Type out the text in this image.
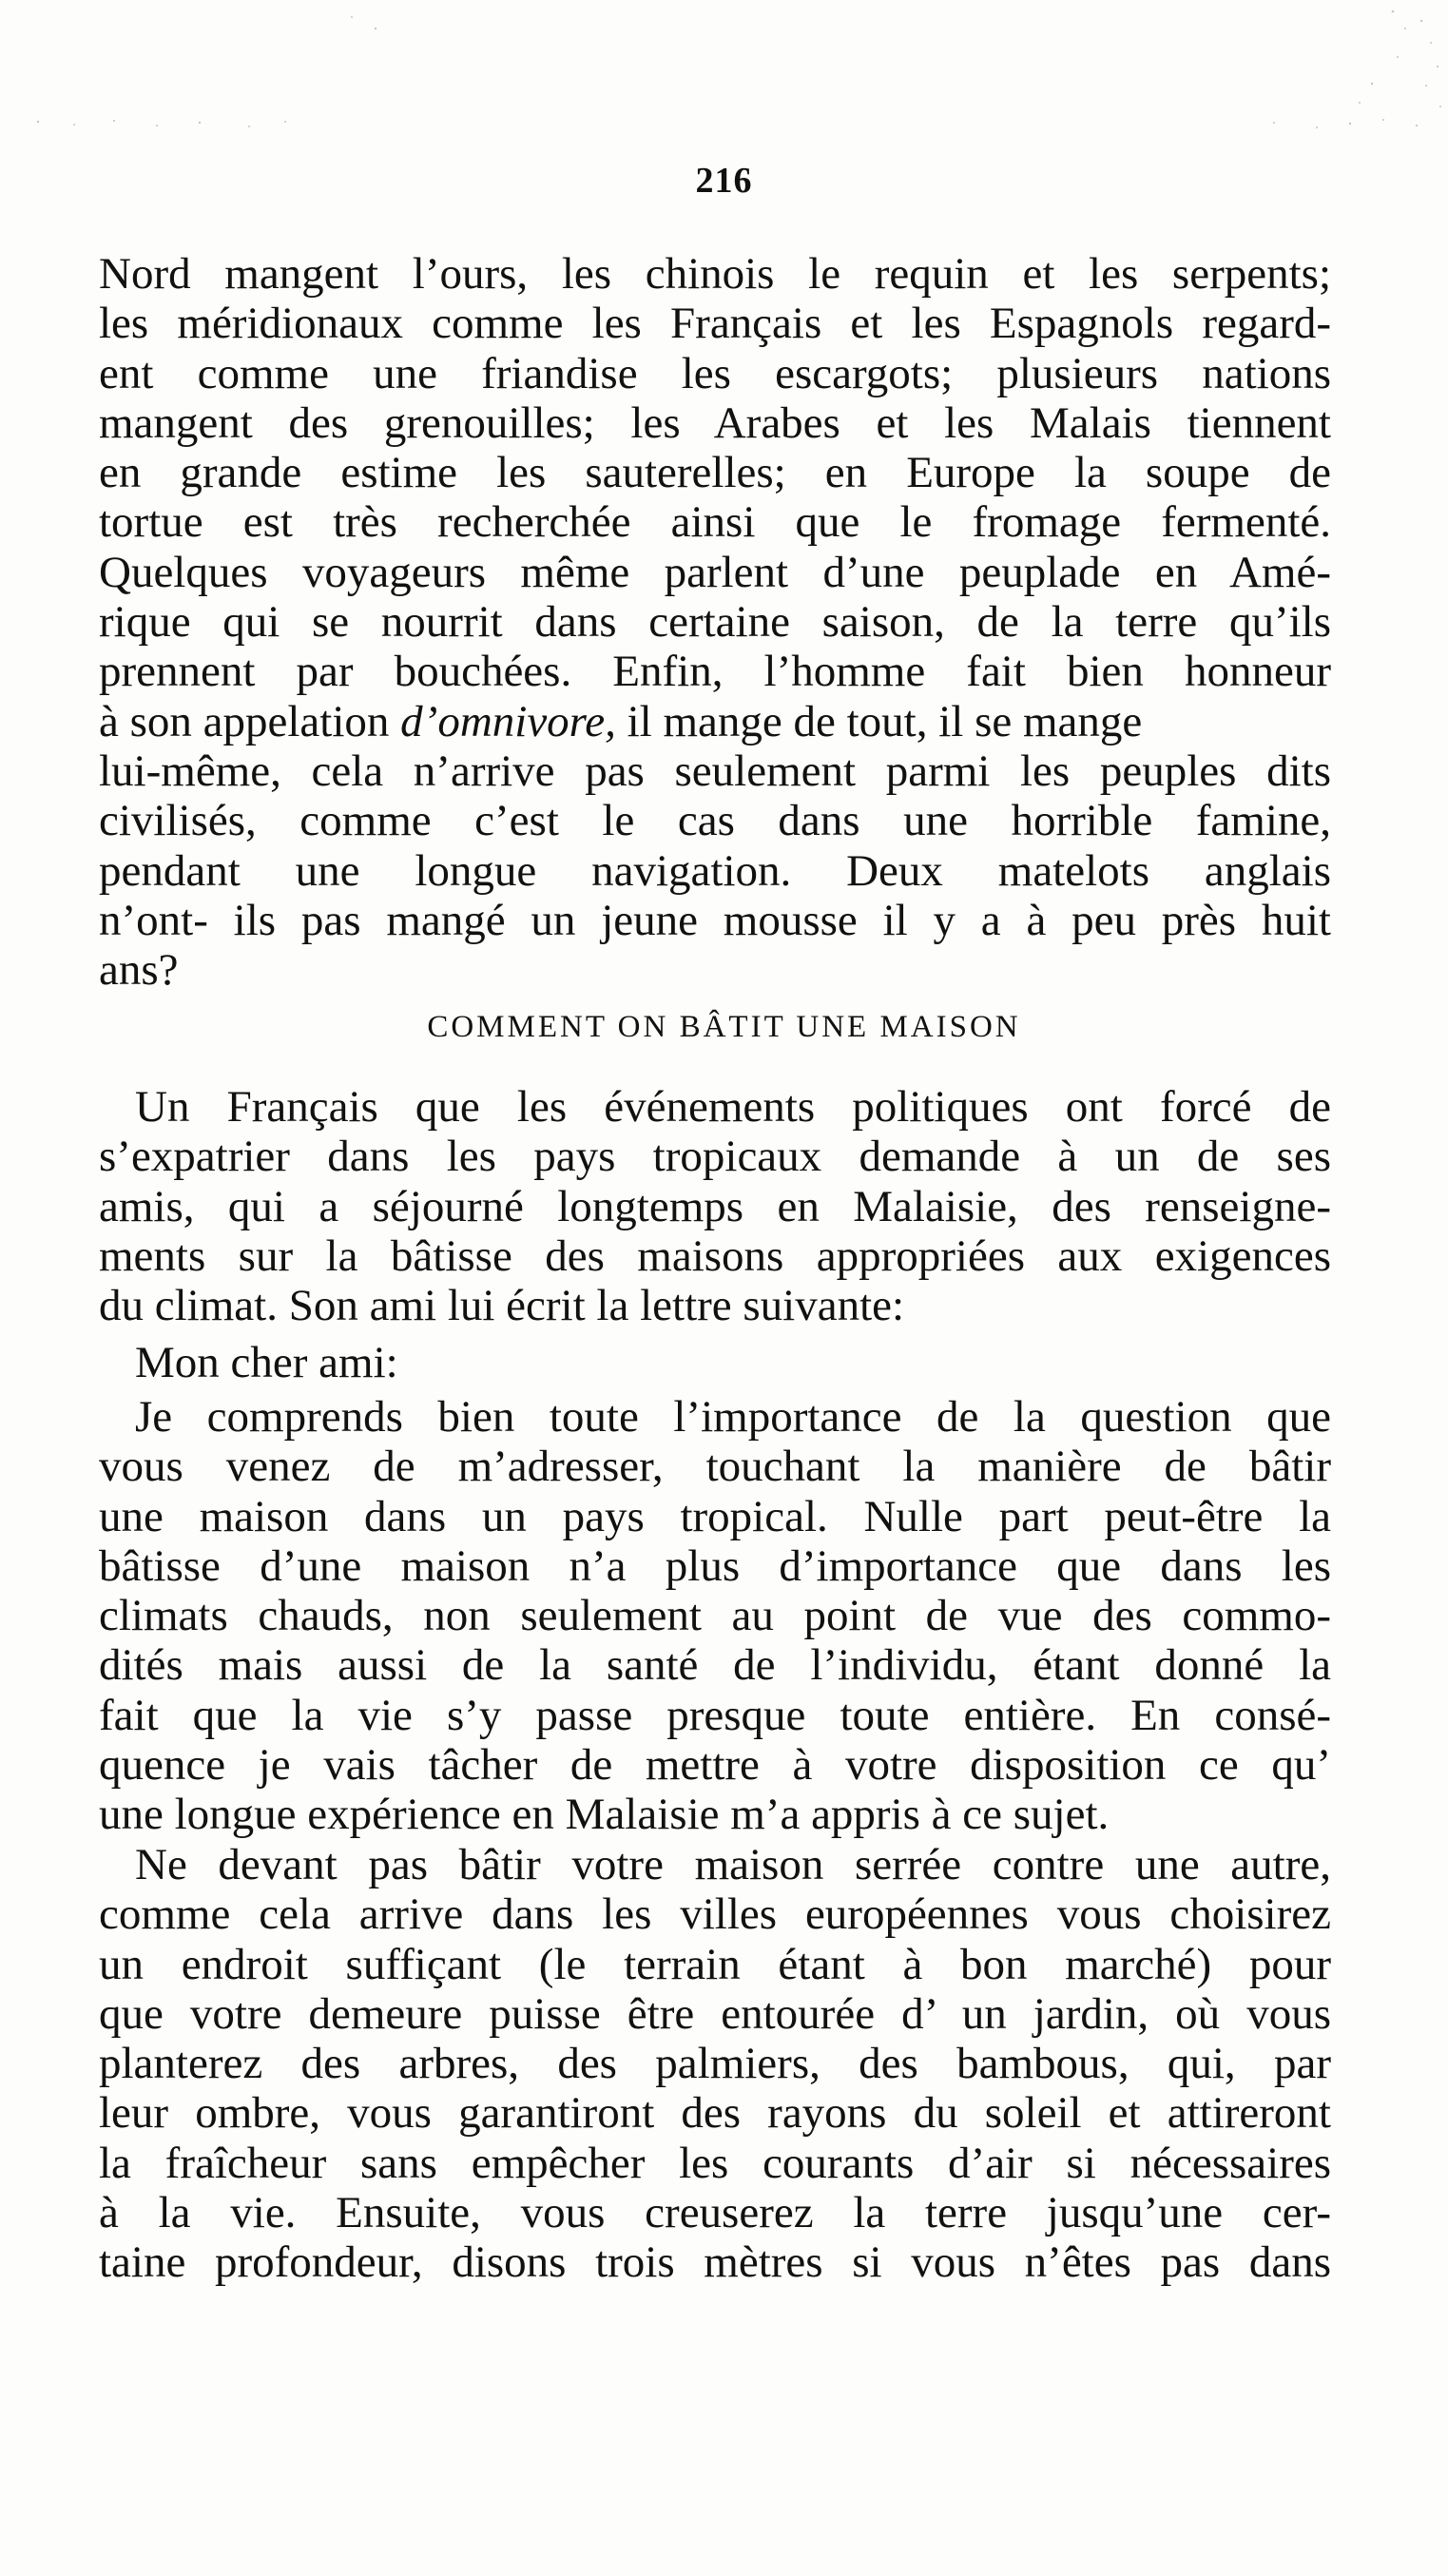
216
Nord mangent l’ours, les chinois le requin et les serpents;
les méridionaux comme les Français et les Espagnols regard-
ent comme une friandise les escargots; plusieurs nations
mangent des grenouilles; les Arabes et les Malais tiennent
en grande estime les sauterelles; en Europe la soupe de
tortue est très recherchée ainsi que le fromage fermenté.
Quelques voyageurs même parlent d’une peuplade en Amé-
rique qui se nourrit dans certaine saison, de la terre qu’ils
prennent par bouchées. Enfin, l’homme fait bien honneur
à son appelation d’omnivore, il mange de tout, il se mange
lui-même, cela n’arrive pas seulement parmi les peuples dits
civilisés, comme c’est le cas dans une horrible famine,
pendant une longue navigation. Deux matelots anglais
n’ont- ils pas mangé un jeune mousse il y a à peu près huit
ans?
COMMENT ON BÂTIT UNE MAISON
Un Français que les événements politiques ont forcé de
s’expatrier dans les pays tropicaux demande à un de ses
amis, qui a séjourné longtemps en Malaisie, des renseigne-
ments sur la bâtisse des maisons appropriées aux exigences
du climat. Son ami lui écrit la lettre suivante:
Mon cher ami:
Je comprends bien toute l’importance de la question que
vous venez de m’adresser, touchant la manière de bâtir
une maison dans un pays tropical. Nulle part peut-être la
bâtisse d’une maison n’a plus d’importance que dans les
climats chauds, non seulement au point de vue des commo-
dités mais aussi de la santé de l’individu, étant donné la
fait que la vie s’y passe presque toute entière. En consé-
quence je vais tâcher de mettre à votre disposition ce qu’
une longue expérience en Malaisie m’a appris à ce sujet.
Ne devant pas bâtir votre maison serrée contre une autre,
comme cela arrive dans les villes européennes vous choisirez
un endroit suffiçant (le terrain étant à bon marché) pour
que votre demeure puisse être entourée d’ un jardin, où vous
planterez des arbres, des palmiers, des bambous, qui, par
leur ombre, vous garantiront des rayons du soleil et attireront
la fraîcheur sans empêcher les courants d’air si nécessaires
à la vie. Ensuite, vous creuserez la terre jusqu’une cer-
taine profondeur, disons trois mètres si vous n’êtes pas dans
